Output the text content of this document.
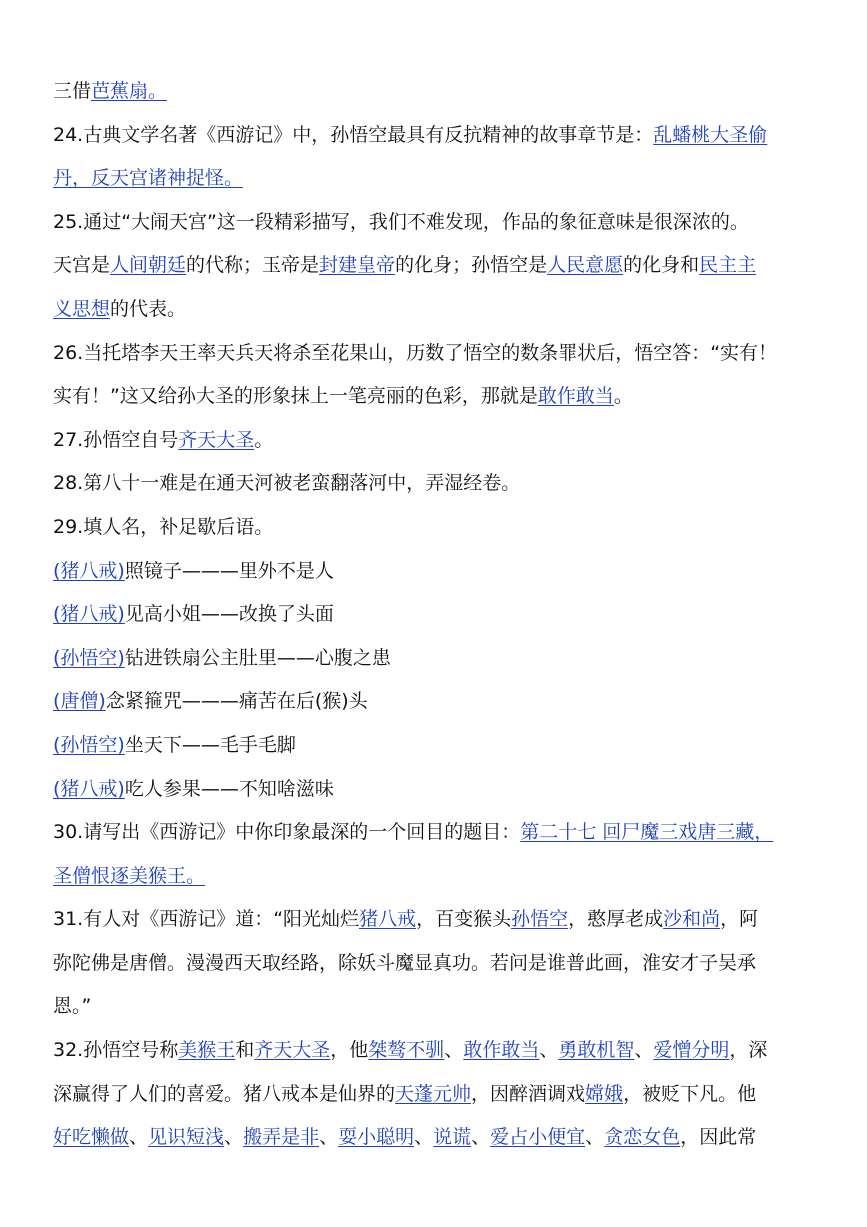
三借芭蕉扇。
24.古典文学名著《西游记》中，孙悟空最具有反抗精神的故事章节是：乱蟠桃大圣偷
丹，反天宫诸神捉怪。
25.通过“大闹天宫”这一段精彩描写，我们不难发现，作品的象征意味是很深浓的。
天宫是人间朝廷的代称；玉帝是封建皇帝的化身；孙悟空是人民意愿的化身和民主主
义思想的代表。
26.当托塔李天王率天兵天将杀至花果山，历数了悟空的数条罪状后，悟空答：“实有！
实有！”这又给孙大圣的形象抹上一笔亮丽的色彩，那就是敢作敢当。
27.孙悟空自号齐天大圣。
28.第八十一难是在通天河被老蛮翻落河中，弄湿经卷。
29.填人名，补足歇后语。
(猪八戒)照镜子———里外不是人
(猪八戒)见高小姐——改换了头面
(孙悟空)钻进铁扇公主肚里——心腹之患
(唐僧)念紧箍咒———痛苦在后(猴)头
(孙悟空)坐天下——毛手毛脚
(猪八戒)吃人参果——不知啥滋味
30.请写出《西游记》中你印象最深的一个回目的题目：第二十七 回尸魔三戏唐三藏，
圣僧恨逐美猴王。
31.有人对《西游记》道：“阳光灿烂猪八戒，百变猴头孙悟空，憨厚老成沙和尚，阿
弥陀佛是唐僧。漫漫西天取经路，除妖斗魔显真功。若问是谁普此画，淮安才子吴承
恩。”
32.孙悟空号称美猴王和齐天大圣，他桀骜不驯、敢作敢当、勇敢机智、爱憎分明，深
深赢得了人们的喜爱。猪八戒本是仙界的天蓬元帅，因醉酒调戏嫦娥，被贬下凡。他
好吃懒做、见识短浅、搬弄是非、耍小聪明、说谎、爱占小便宜、贪恋女色，因此常
